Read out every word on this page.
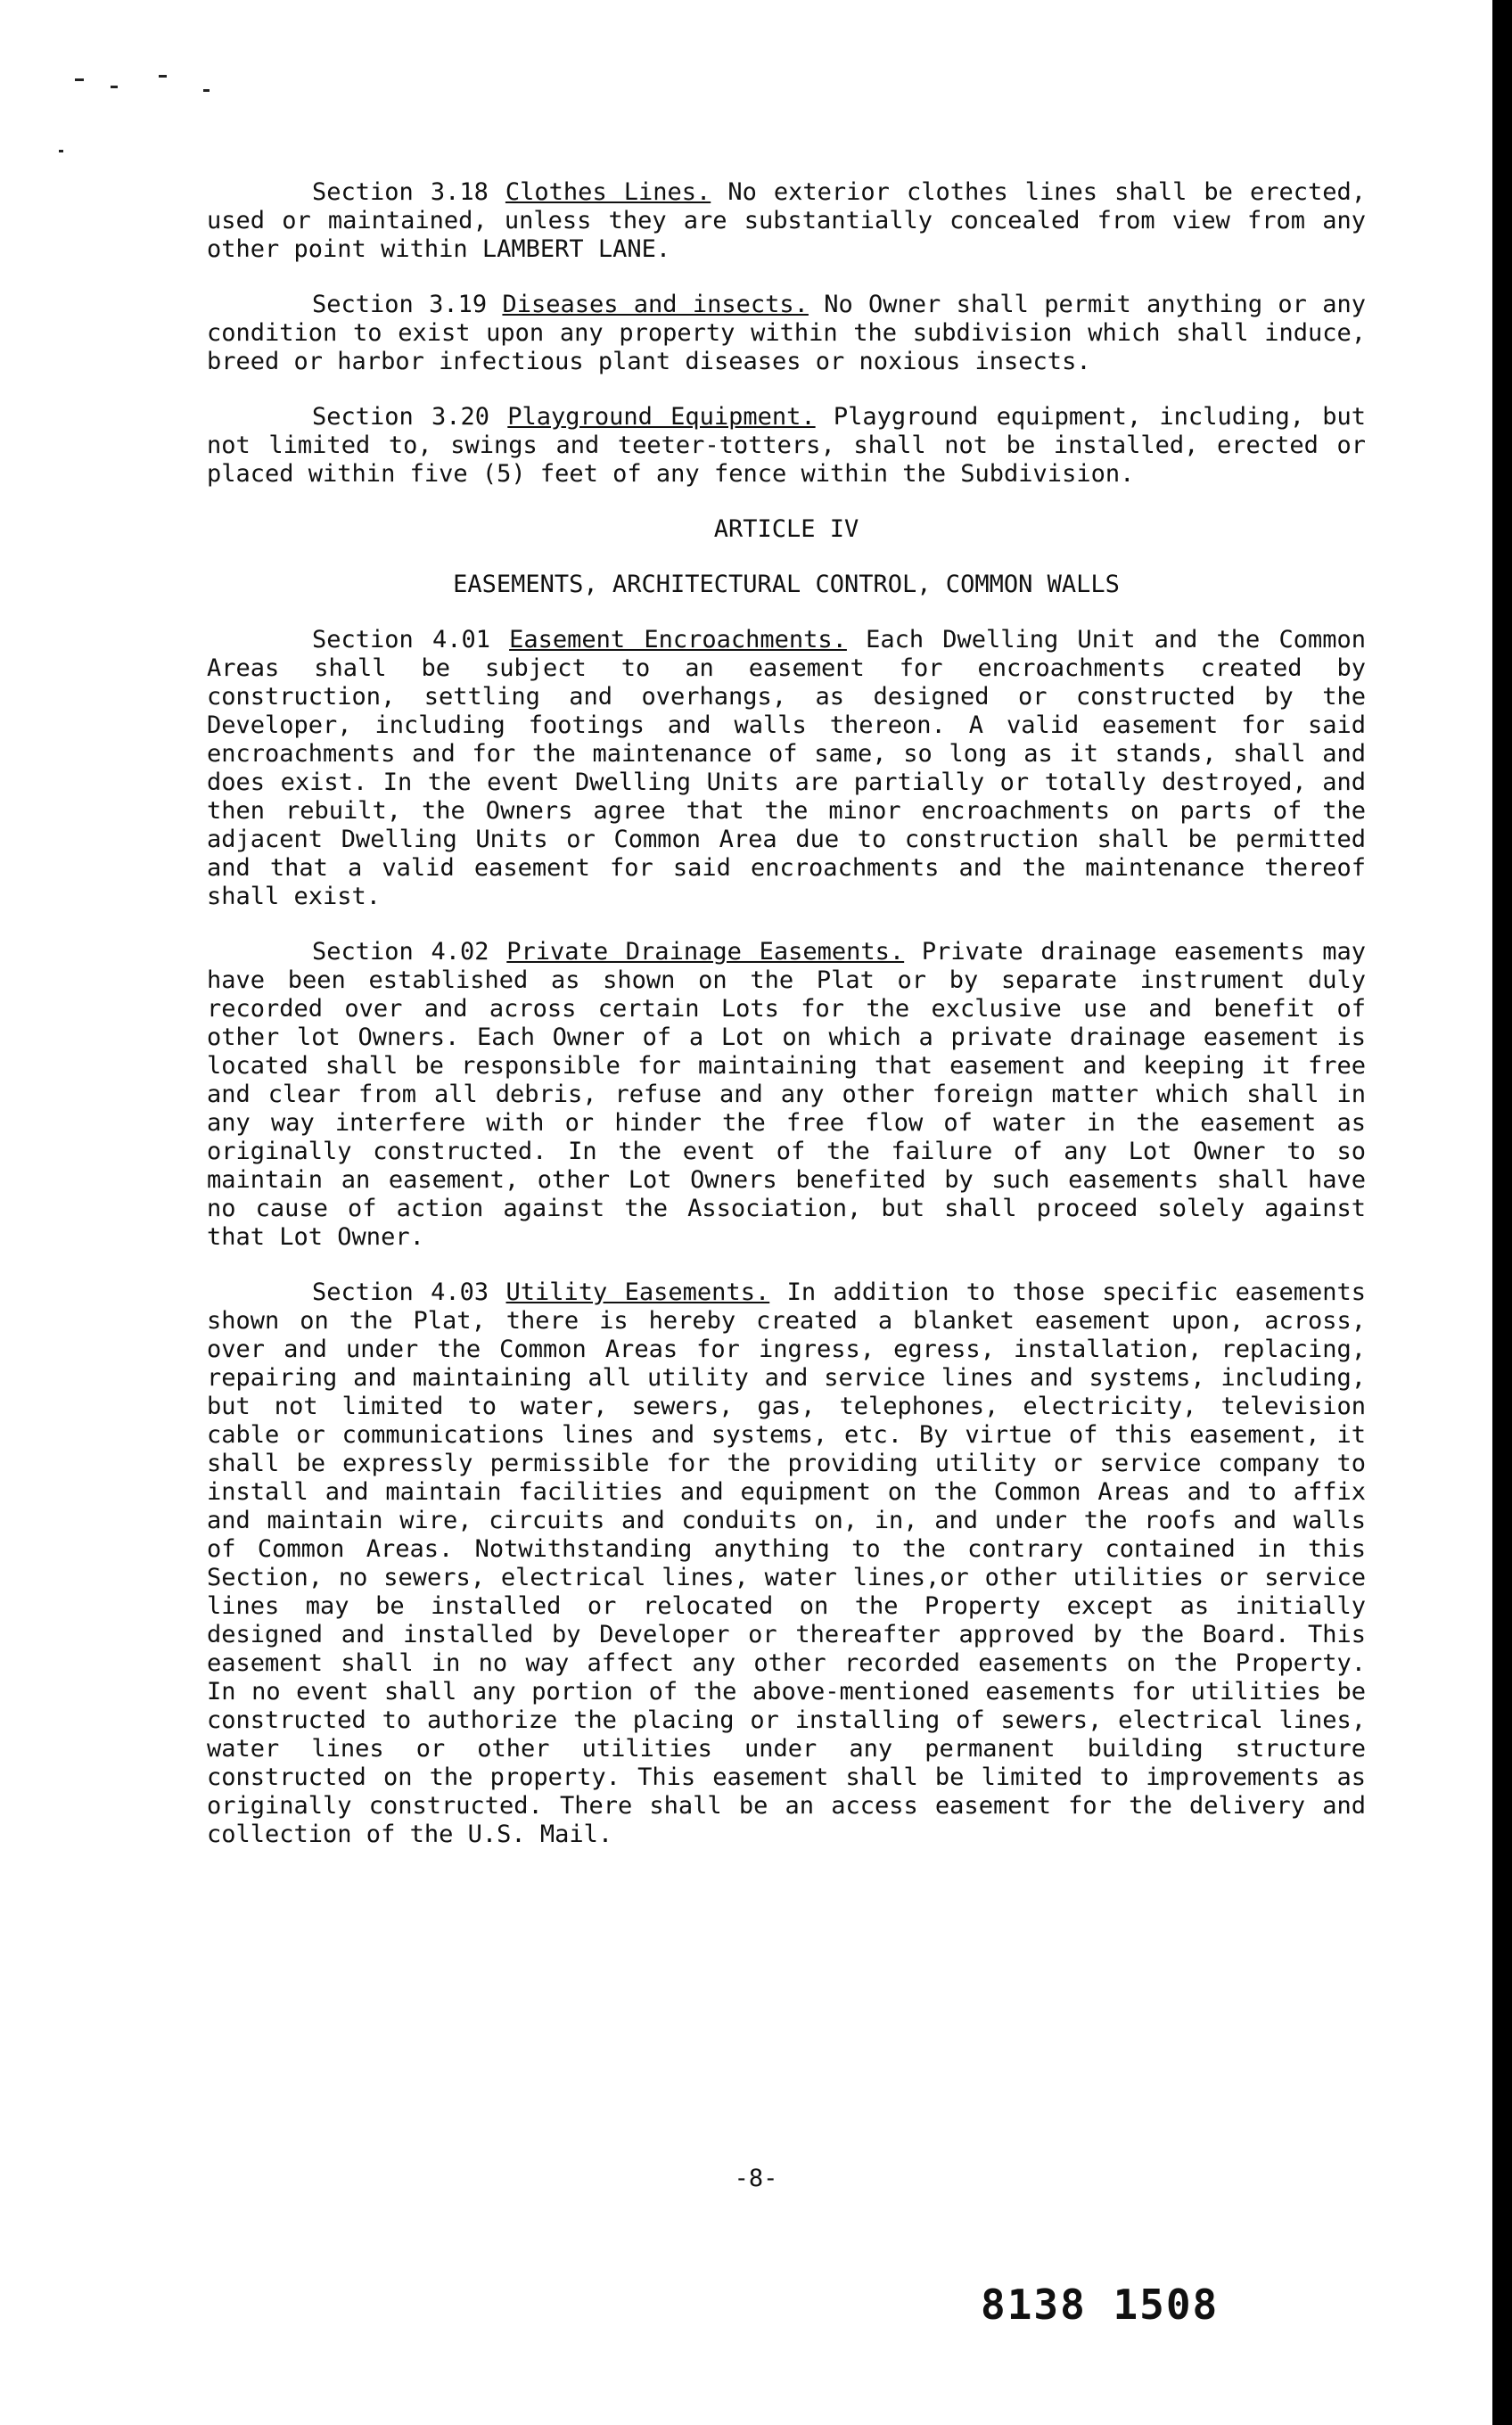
Section 3.18 Clothes Lines. No exterior clothes lines shall be erected, used or maintained, unless they are substantially concealed from view from any other point within LAMBERT LANE.

Section 3.19 Diseases and insects. No Owner shall permit anything or any condition to exist upon any property within the subdivision which shall induce, breed or harbor infectious plant diseases or noxious insects.

Section 3.20 Playground Equipment. Playground equipment, including, but not limited to, swings and teeter-totters, shall not be installed, erected or placed within five (5) feet of any fence within the Subdivision.

ARTICLE IV
EASEMENTS, ARCHITECTURAL CONTROL, COMMON WALLS

Section 4.01 Easement Encroachments. Each Dwelling Unit and the Common Areas shall be subject to an easement for encroachments created by construction, settling and overhangs, as designed or constructed by the Developer, including footings and walls thereon. A valid easement for said encroachments and for the maintenance of same, so long as it stands, shall and does exist. In the event Dwelling Units are partially or totally destroyed, and then rebuilt, the Owners agree that the minor encroachments on parts of the adjacent Dwelling Units or Common Area due to construction shall be permitted and that a valid easement for said encroachments and the maintenance thereof shall exist.

Section 4.02 Private Drainage Easements. Private drainage easements may have been established as shown on the Plat or by separate instrument duly recorded over and across certain Lots for the exclusive use and benefit of other lot Owners. Each Owner of a Lot on which a private drainage easement is located shall be responsible for maintaining that easement and keeping it free and clear from all debris, refuse and any other foreign matter which shall in any way interfere with or hinder the free flow of water in the easement as originally constructed. In the event of the failure of any Lot Owner to so maintain an easement, other Lot Owners benefited by such easements shall have no cause of action against the Association, but shall proceed solely against that Lot Owner.

Section 4.03 Utility Easements. In addition to those specific easements shown on the Plat, there is hereby created a blanket easement upon, across, over and under the Common Areas for ingress, egress, installation, replacing, repairing and maintaining all utility and service lines and systems, including, but not limited to water, sewers, gas, telephones, electricity, television cable or communications lines and systems, etc. By virtue of this easement, it shall be expressly permissible for the providing utility or service company to install and maintain facilities and equipment on the Common Areas and to affix and maintain wire, circuits and conduits on, in, and under the roofs and walls of Common Areas. Notwithstanding anything to the contrary contained in this Section, no sewers, electrical lines, water lines,or other utilities or service lines may be installed or relocated on the Property except as initially designed and installed by Developer or thereafter approved by the Board. This easement shall in no way affect any other recorded easements on the Property. In no event shall any portion of the above-mentioned easements for utilities be constructed to authorize the placing or installing of sewers, electrical lines, water lines or other utilities under any permanent building structure constructed on the property. This easement shall be limited to improvements as originally constructed. There shall be an access easement for the delivery and collection of the U.S. Mail.

-8-
8138 1508
